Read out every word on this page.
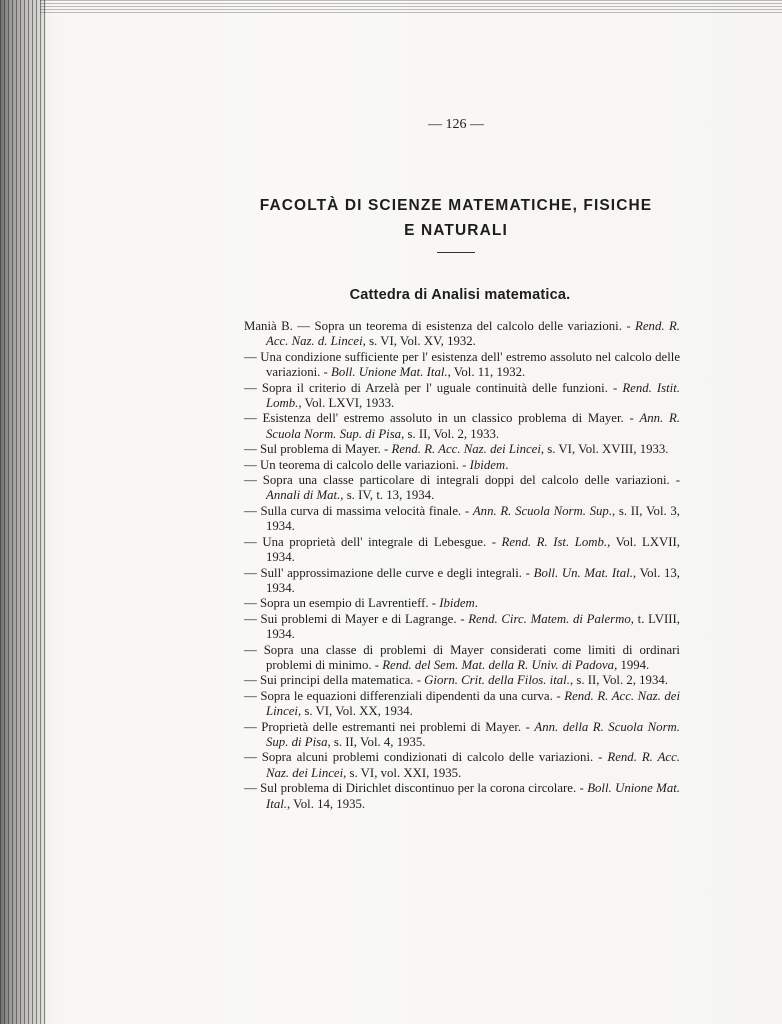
— 126 —
FACOLTÀ DI SCIENZE MATEMATICHE, FISICHE
E NATURALI
Cattedra di Analisi matematica.

Manià B. — Sopra un teorema di esistenza del calcolo delle variazioni. - Rend. R. Acc. Naz. d. Lincei, s. VI, Vol. XV, 1932.

— Una condizione sufficiente per l' esistenza dell' estremo assoluto nel calcolo delle variazioni. - Boll. Unione Mat. Ital., Vol. 11, 1932.

— Sopra il criterio di Arzelà per l' uguale continuità delle funzioni. - Rend. Istit. Lomb., Vol. LXVI, 1933.

— Esistenza dell' estremo assoluto in un classico problema di Mayer. - Ann. R. Scuola Norm. Sup. di Pisa, s. II, Vol. 2, 1933.

— Sul problema di Mayer. - Rend. R. Acc. Naz. dei Lincei, s. VI, Vol. XVIII, 1933.

— Un teorema di calcolo delle variazioni. - Ibidem.

— Sopra una classe particolare di integrali doppi del calcolo delle variazioni. - Annali di Mat., s. IV, t. 13, 1934.

— Sulla curva di massima velocità finale. - Ann. R. Scuola Norm. Sup., s. II, Vol. 3, 1934.

— Una proprietà dell' integrale di Lebesgue. - Rend. R. Ist. Lomb., Vol. LXVII, 1934.

— Sull' approssimazione delle curve e degli integrali. - Boll. Un. Mat. Ital., Vol. 13, 1934.

— Sopra un esempio di Lavrentieff. - Ibidem.

— Sui problemi di Mayer e di Lagrange. - Rend. Circ. Matem. di Palermo, t. LVIII, 1934.

— Sopra una classe di problemi di Mayer considerati come limiti di ordinari problemi di minimo. - Rend. del Sem. Mat. della R. Univ. di Padova, 1994.

— Sui principi della matematica. - Giorn. Crit. della Filos. ital., s. II, Vol. 2, 1934.

— Sopra le equazioni differenziali dipendenti da una curva. - Rend. R. Acc. Naz. dei Lincei, s. VI, Vol. XX, 1934.

— Proprietà delle estremanti nei problemi di Mayer. - Ann. della R. Scuola Norm. Sup. di Pisa, s. II, Vol. 4, 1935.

— Sopra alcuni problemi condizionati di calcolo delle variazioni. - Rend. R. Acc. Naz. dei Lincei, s. VI, vol. XXI, 1935.

— Sul problema di Dirichlet discontinuo per la corona circolare. - Boll. Unione Mat. Ital., Vol. 14, 1935.
